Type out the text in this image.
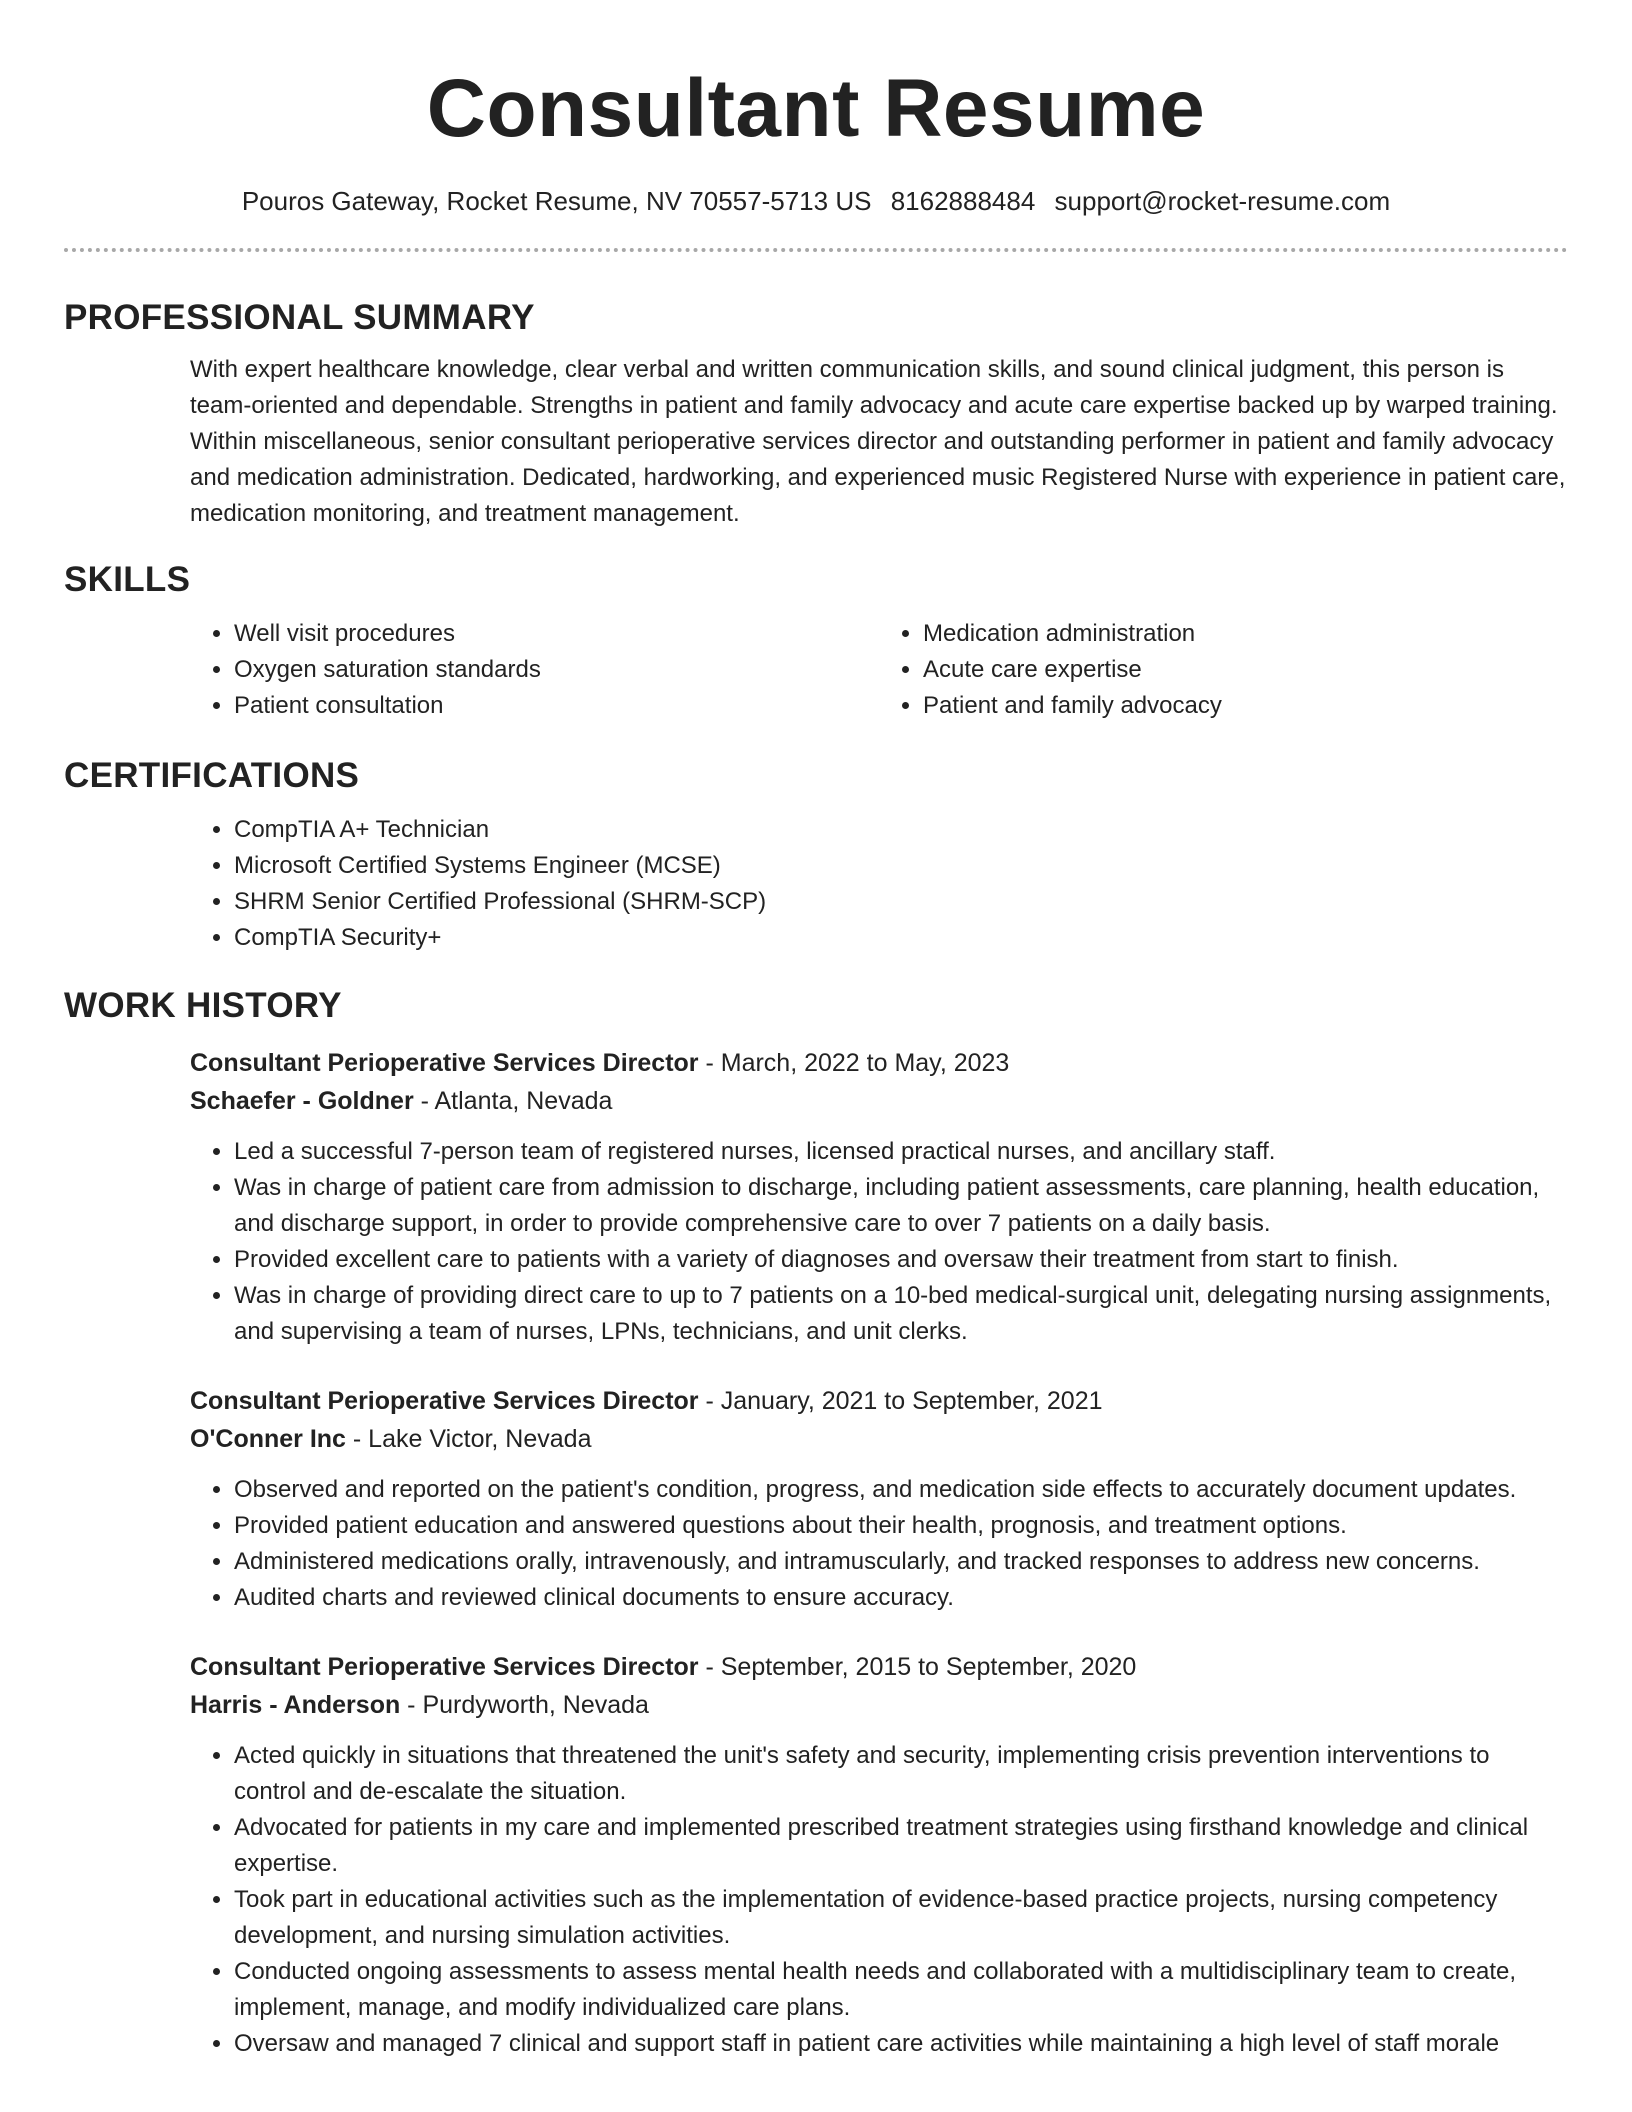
Consultant Resume
Pouros Gateway, Rocket Resume, NV 70557-5713 US 8162888484 support@rocket-resume.com
PROFESSIONAL SUMMARY
With expert healthcare knowledge, clear verbal and written communication skills, and sound clinical judgment, this person is team-oriented and dependable. Strengths in patient and family advocacy and acute care expertise backed up by warped training. Within miscellaneous, senior consultant perioperative services director and outstanding performer in patient and family advocacy and medication administration. Dedicated, hardworking, and experienced music Registered Nurse with experience in patient care, medication monitoring, and treatment management.
SKILLS
• Well visit procedures
• Oxygen saturation standards
• Patient consultation
• Medication administration
• Acute care expertise
• Patient and family advocacy
CERTIFICATIONS
• CompTIA A+ Technician
• Microsoft Certified Systems Engineer (MCSE)
• SHRM Senior Certified Professional (SHRM-SCP)
• CompTIA Security+
WORK HISTORY
Consultant Perioperative Services Director - March, 2022 to May, 2023
Schaefer - Goldner - Atlanta, Nevada
• Led a successful 7-person team of registered nurses, licensed practical nurses, and ancillary staff.
• Was in charge of patient care from admission to discharge, including patient assessments, care planning, health education, and discharge support, in order to provide comprehensive care to over 7 patients on a daily basis.
• Provided excellent care to patients with a variety of diagnoses and oversaw their treatment from start to finish.
• Was in charge of providing direct care to up to 7 patients on a 10-bed medical-surgical unit, delegating nursing assignments, and supervising a team of nurses, LPNs, technicians, and unit clerks.
Consultant Perioperative Services Director - January, 2021 to September, 2021
O'Conner Inc - Lake Victor, Nevada
• Observed and reported on the patient's condition, progress, and medication side effects to accurately document updates.
• Provided patient education and answered questions about their health, prognosis, and treatment options.
• Administered medications orally, intravenously, and intramuscularly, and tracked responses to address new concerns.
• Audited charts and reviewed clinical documents to ensure accuracy.
Consultant Perioperative Services Director - September, 2015 to September, 2020
Harris - Anderson - Purdyworth, Nevada
• Acted quickly in situations that threatened the unit's safety and security, implementing crisis prevention interventions to control and de-escalate the situation.
• Advocated for patients in my care and implemented prescribed treatment strategies using firsthand knowledge and clinical expertise.
• Took part in educational activities such as the implementation of evidence-based practice projects, nursing competency development, and nursing simulation activities.
• Conducted ongoing assessments to assess mental health needs and collaborated with a multidisciplinary team to create, implement, manage, and modify individualized care plans.
• Oversaw and managed 7 clinical and support staff in patient care activities while maintaining a high level of staff morale
